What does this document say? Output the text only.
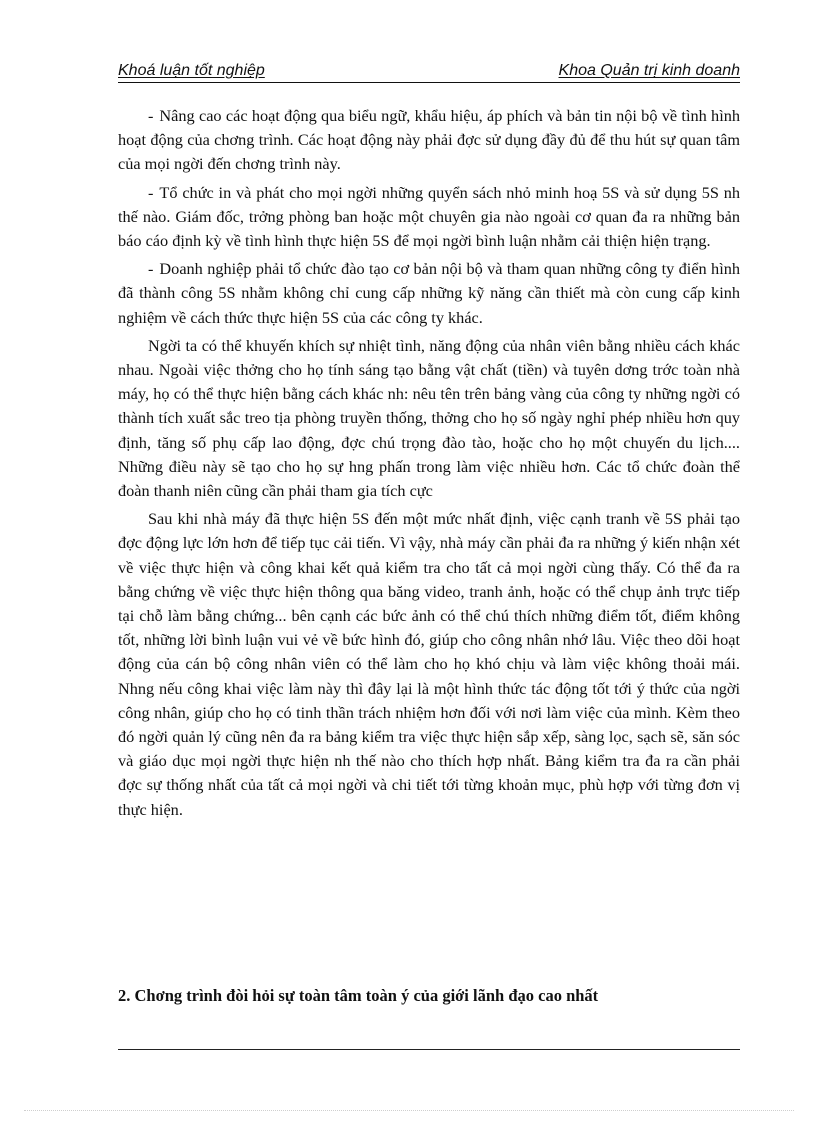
Khoá luận tốt nghiệp	Khoa Quản trị kinh doanh

- Nâng cao các hoạt động qua biểu ngữ, khẩu hiệu, áp phích và bản tin nội bộ về tình hình hoạt động của chơng trình. Các hoạt động này phải đợc sử dụng đầy đủ để thu hút sự quan tâm của mọi ngời đến chơng trình này.

- Tổ chức in và phát cho mọi ngời những quyển sách nhỏ minh hoạ 5S và sử dụng 5S nh thế nào. Giám đốc, trởng phòng ban hoặc một chuyên gia nào ngoài cơ quan đa ra những bản báo cáo định kỳ về tình hình thực hiện 5S để mọi ngời bình luận nhằm cải thiện hiện trạng.

- Doanh nghiệp phải tổ chức đào tạo cơ bản nội bộ và tham quan những công ty điển hình đã thành công 5S nhằm không chỉ cung cấp những kỹ năng cần thiết mà còn cung cấp kinh nghiệm về cách thức thực hiện 5S của các công ty khác.

Ngời ta có thể khuyến khích sự nhiệt tình, năng động của nhân viên bằng nhiều cách khác nhau. Ngoài việc thởng cho họ tính sáng tạo bằng vật chất (tiền) và tuyên dơng trớc toàn nhà máy, họ có thể thực hiện bằng cách khác nh: nêu tên trên bảng vàng của công ty những ngời có thành tích xuất sắc treo tịa phòng truyền thống, thởng cho họ số ngày nghỉ phép nhiều hơn quy định, tăng số phụ cấp lao động, đợc chú trọng đào tào, hoặc cho họ một chuyến du lịch.... Những điều này sẽ tạo cho họ sự hng phấn trong làm việc nhiều hơn. Các tổ chức đoàn thể đoàn thanh niên cũng cần phải tham gia tích cực

Sau khi nhà máy đã thực hiện 5S đến một mức nhất định, việc cạnh tranh về 5S phải tạo đợc động lực lớn hơn để tiếp tục cải tiến. Vì vậy, nhà máy cần phải đa ra những ý kiến nhận xét về việc thực hiện và công khai kết quả kiểm tra cho tất cả mọi ngời cùng thấy. Có thể đa ra bằng chứng về việc thực hiện thông qua băng video, tranh ảnh, hoặc có thể chụp ảnh trực tiếp tại chỗ làm bằng chứng... bên cạnh các bức ảnh có thể chú thích những điểm tốt, điểm không tốt, những lời bình luận vui vẻ về bức hình đó, giúp cho công nhân nhớ lâu. Việc theo dõi hoạt động của cán bộ công nhân viên có thể làm cho họ khó chịu và làm việc không thoải mái. Nhng nếu công khai việc làm này thì đây lại là một hình thức tác động tốt tới ý thức của ngời công nhân, giúp cho họ có tinh thần trách nhiệm hơn đối với nơi làm việc của mình. Kèm theo đó ngời quản lý cũng nên đa ra bảng kiểm tra việc thực hiện sắp xếp, sàng lọc, sạch sẽ, săn sóc và giáo dục mọi ngời thực hiện nh thế nào cho thích hợp nhất. Bảng kiểm tra đa ra cần phải đợc sự thống nhất của tất cả mọi ngời và chi tiết tới từng khoản mục, phù hợp với từng đơn vị thực hiện.

2. Chơng trình đòi hỏi sự toàn tâm toàn ý của giới lãnh đạo cao nhất
